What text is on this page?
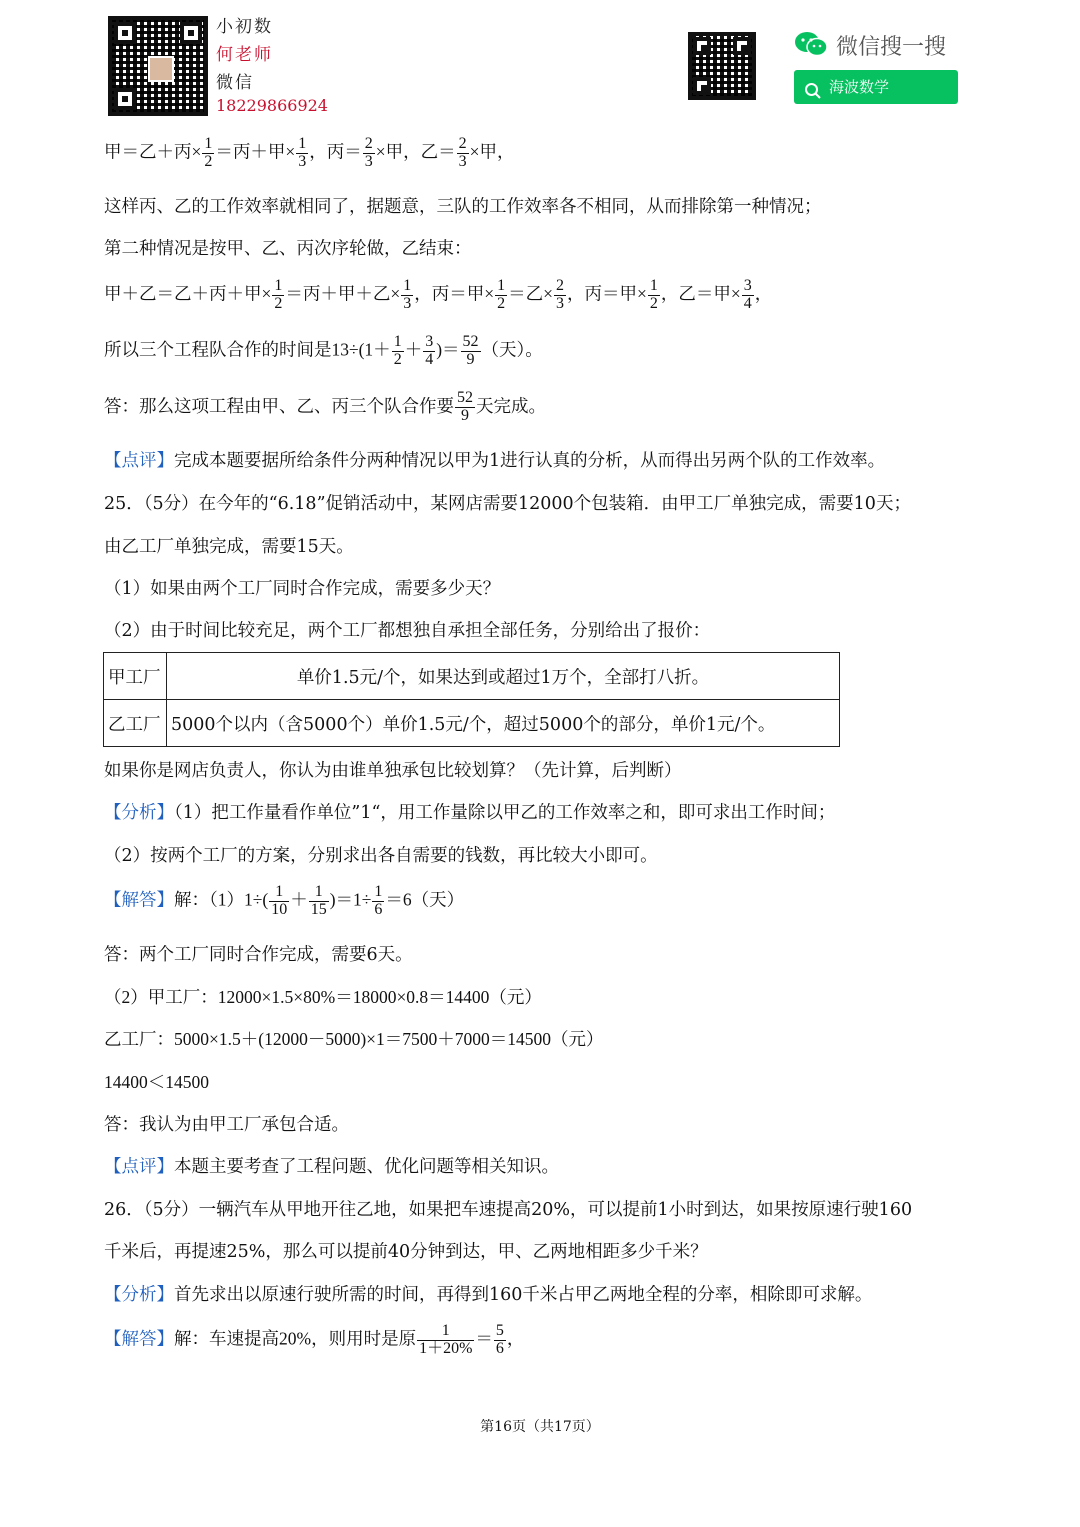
小初数
何老师
微信
18229866924
微信搜一搜
海波数学
甲＝乙＋丙× $\frac{1}{2}$ ＝丙＋甲× $\frac{1}{3}$ ，丙＝ $\frac{2}{3}$ ×甲，乙＝ $\frac{2}{3}$ ×甲，
这样丙、乙的工作效率就相同了，据题意，三队的工作效率各不相同，从而排除第一种情况；
第二种情况是按甲、乙、丙次序轮做，乙结束：
甲＋乙＝乙＋丙＋甲× $\frac{1}{2}$ ＝丙＋甲＋乙× $\frac{1}{3}$ ，丙＝甲× $\frac{1}{2}$ ＝乙× $\frac{2}{3}$ ，丙＝甲× $\frac{1}{2}$ ，乙＝甲× $\frac{3}{4}$ ，
所以三个工程队合作的时间是$13\div(1+ \frac{1}{2} + \frac{3}{4}$ )＝ $\frac{52}{9}$ （天）。
答：那么这项工程由甲、乙、丙三个队合作要 $\frac{52}{9}$ 天完成。
【点评】完成本题要据所给条件分两种情况以甲为1进行认真的分析，从而得出另两个队的工作效率。
25．（5分）在今年的“6.18”促销活动中，某网店需要12000个包装箱．由甲工厂单独完成，需要10天；
由乙工厂单独完成，需要15天。
（1）如果由两个工厂同时合作完成，需要多少天？
（2）由于时间比较充足，两个工厂都想独自承担全部任务，分别给出了报价：
甲工厂	单价1.5元/个，如果达到或超过1万个，全部打八折。
乙工厂	5000个以内（含5000个）单价1.5元/个，超过5000个的部分，单价1元/个。
如果你是网店负责人，你认为由谁单独承包比较划算？（先计算，后判断）
【分析】（1）把工作量看作单位”1“，用工作量除以甲乙的工作效率之和，即可求出工作时间；
（2）按两个工厂的方案，分别求出各自需要的钱数，再比较大小即可。
【解答】解：$(1)1\div( \frac{1}{10} + \frac{1}{15} )=1\div \frac{1}{6} =6$（天）
答：两个工厂同时合作完成，需要6天。
（2）甲工厂：12000×1.5×80%＝18000×0.8＝14400（元）
乙工厂：5000×1.5＋(12000－5000)×1＝7500＋7000＝14500（元）
14400＜14500
答：我认为由甲工厂承包合适。
【点评】本题主要考查了工程问题、优化问题等相关知识。
26．（5分）一辆汽车从甲地开往乙地，如果把车速提高20%，可以提前1小时到达，如果按原速行驶160
千米后，再提速25%，那么可以提前40分钟到达，甲、乙两地相距多少千米？
【分析】首先求出以原速行驶所需的时间，再得到160千米占甲乙两地全程的分率，相除即可求解。
【解答】解：车速提高20%，则用时是原 $\frac{1}{1+20\%} = \frac{5}{6}$ ，
第16页（共17页）
